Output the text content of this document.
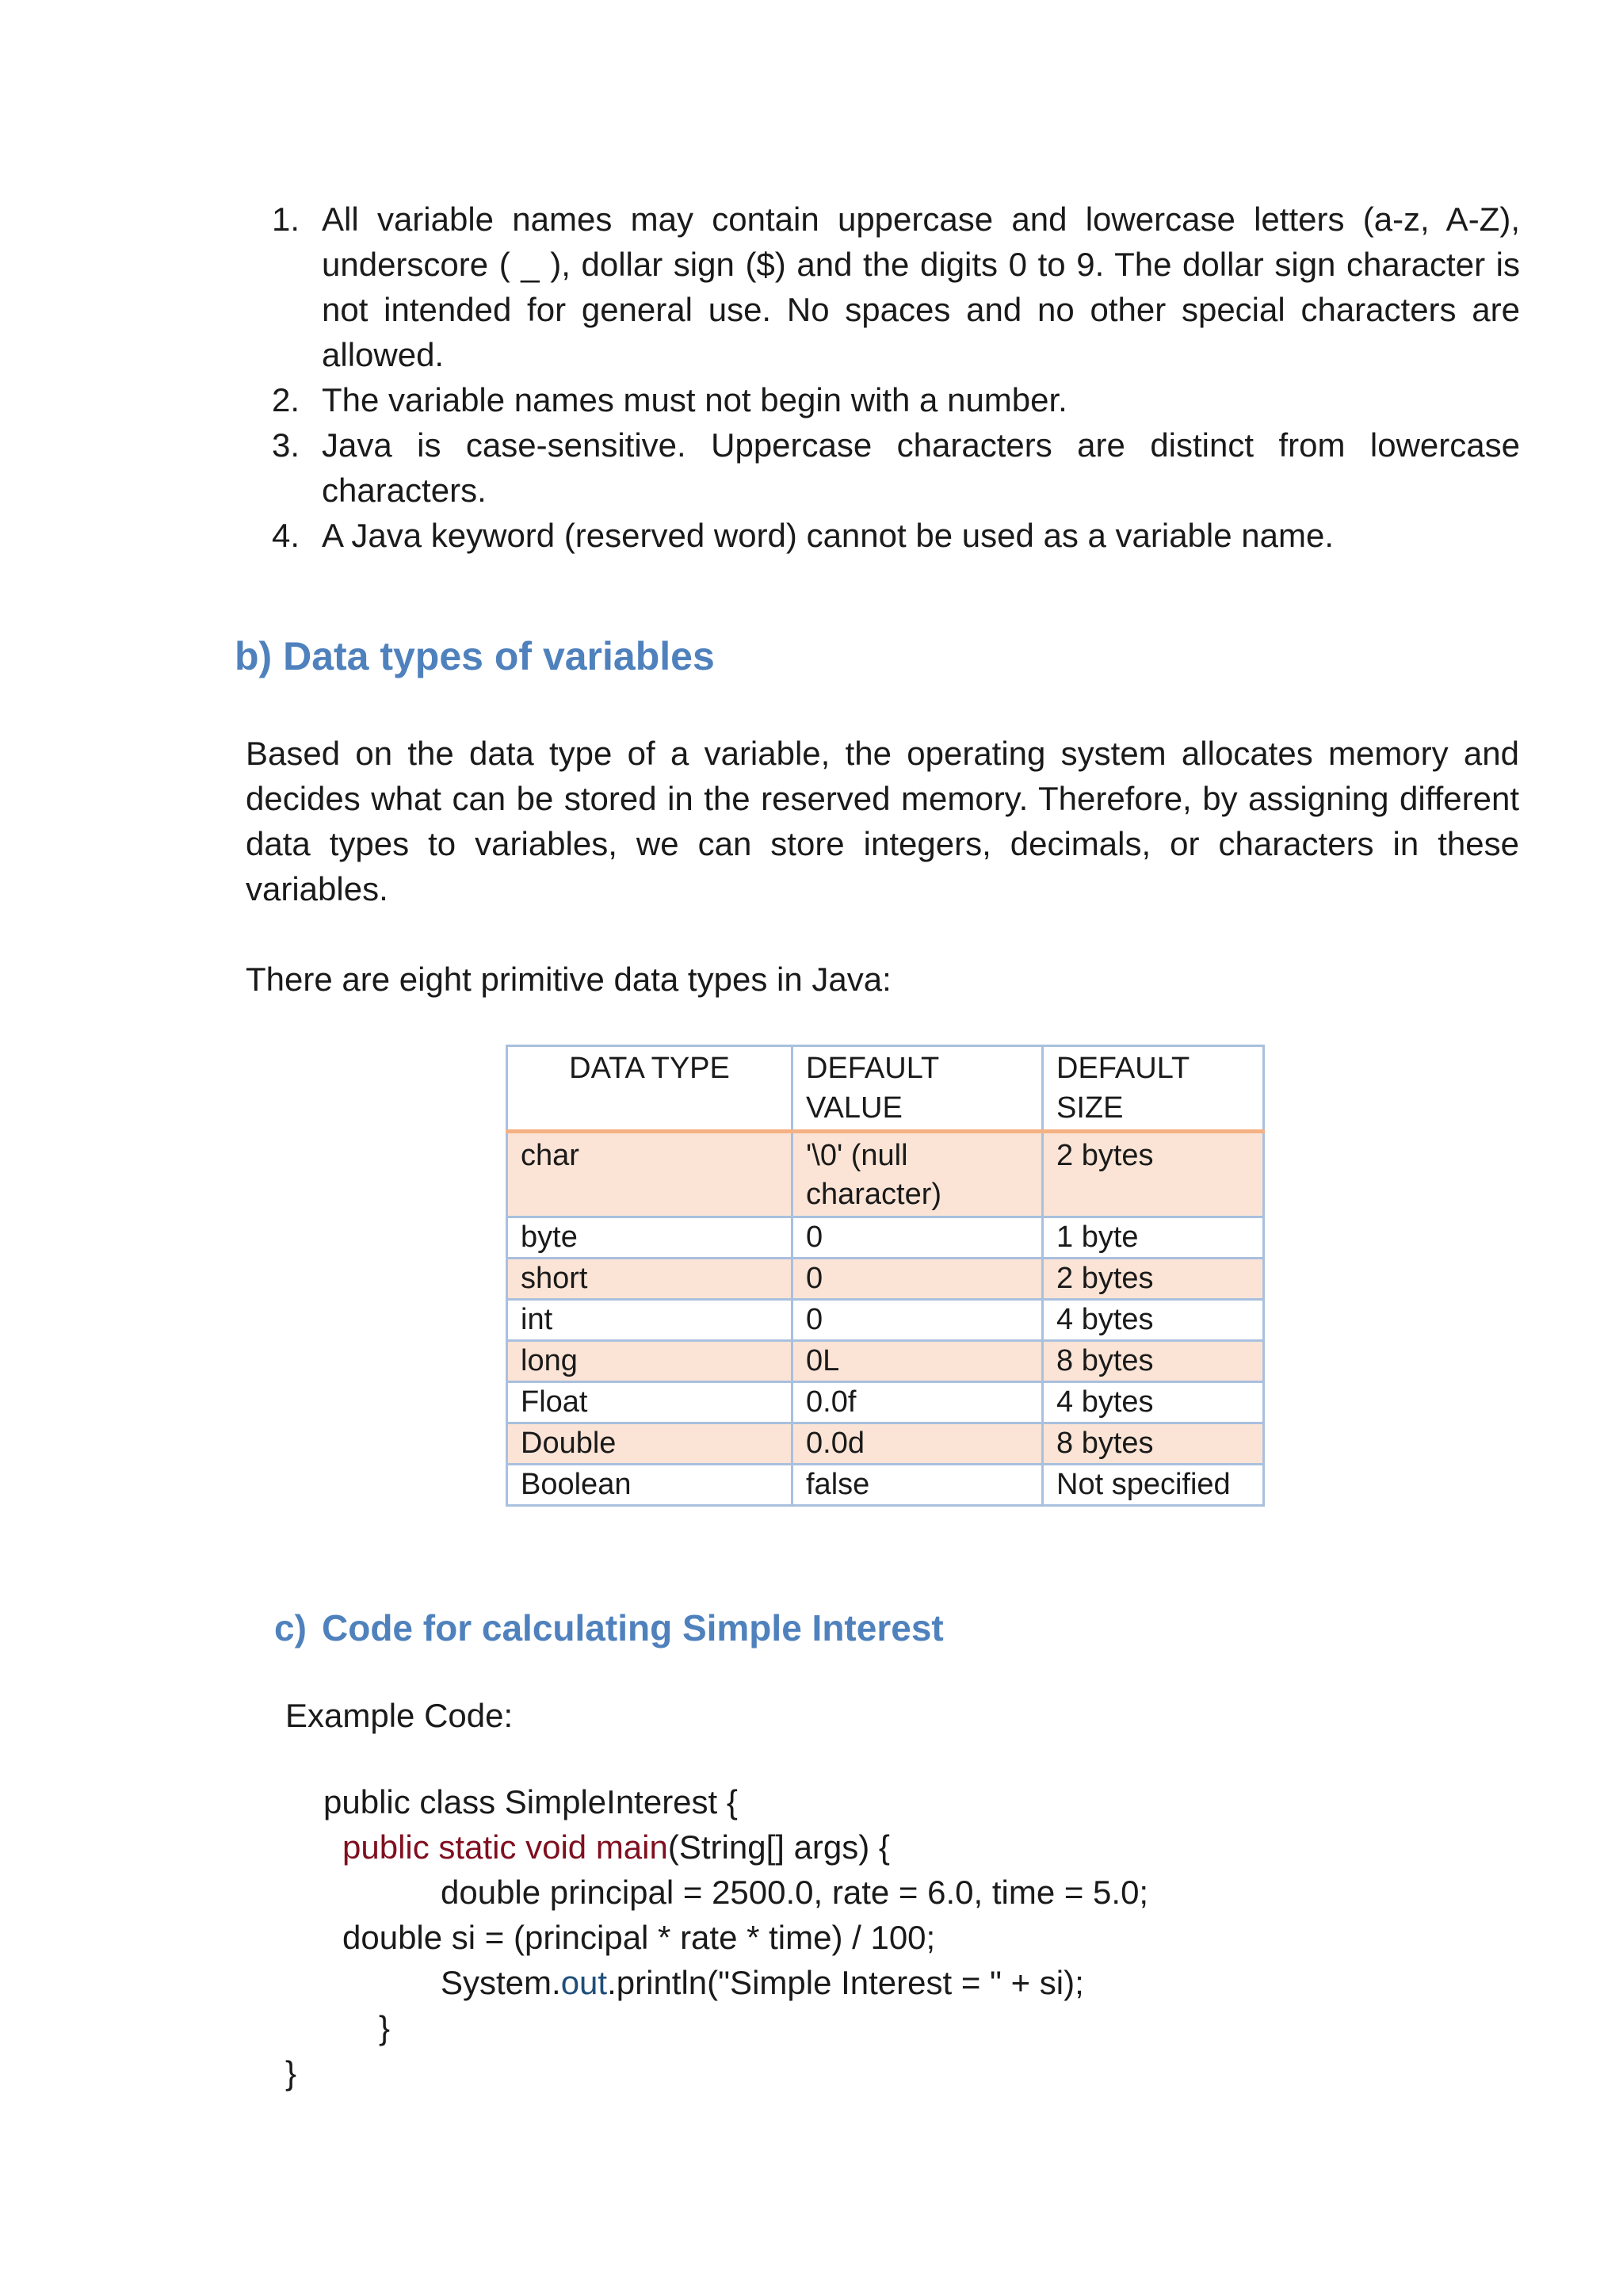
1. All variable names may contain uppercase and lowercase letters (a-z, A-Z), underscore ( _ ), dollar sign ($) and the digits 0 to 9. The dollar sign character is not intended for general use. No spaces and no other special characters are allowed.
2. The variable names must not begin with a number.
3. Java is case-sensitive. Uppercase characters are distinct from lowercase characters.
4. A Java keyword (reserved word) cannot be used as a variable name.
b) Data types of variables

Based on the data type of a variable, the operating system allocates memory and decides what can be stored in the reserved memory. Therefore, by assigning different data types to variables, we can store integers, decimals, or characters in these variables.

There are eight primitive data types in Java:

DATA TYPE	DEFAULT VALUE	DEFAULT SIZE
char	'\0' (null character)	2 bytes
byte	0	1 byte
short	0	2 bytes
int	0	4 bytes
long	0L	8 bytes
Float	0.0f	4 bytes
Double	0.0d	8 bytes
Boolean	false	Not specified
c) Code for calculating Simple Interest

Example Code:

public class SimpleInterest {
public static void main(String[] args) {
double principal = 2500.0, rate = 6.0, time = 5.0;
double si = (principal * rate * time) / 100;
System.out.println("Simple Interest = " + si);
}
}
